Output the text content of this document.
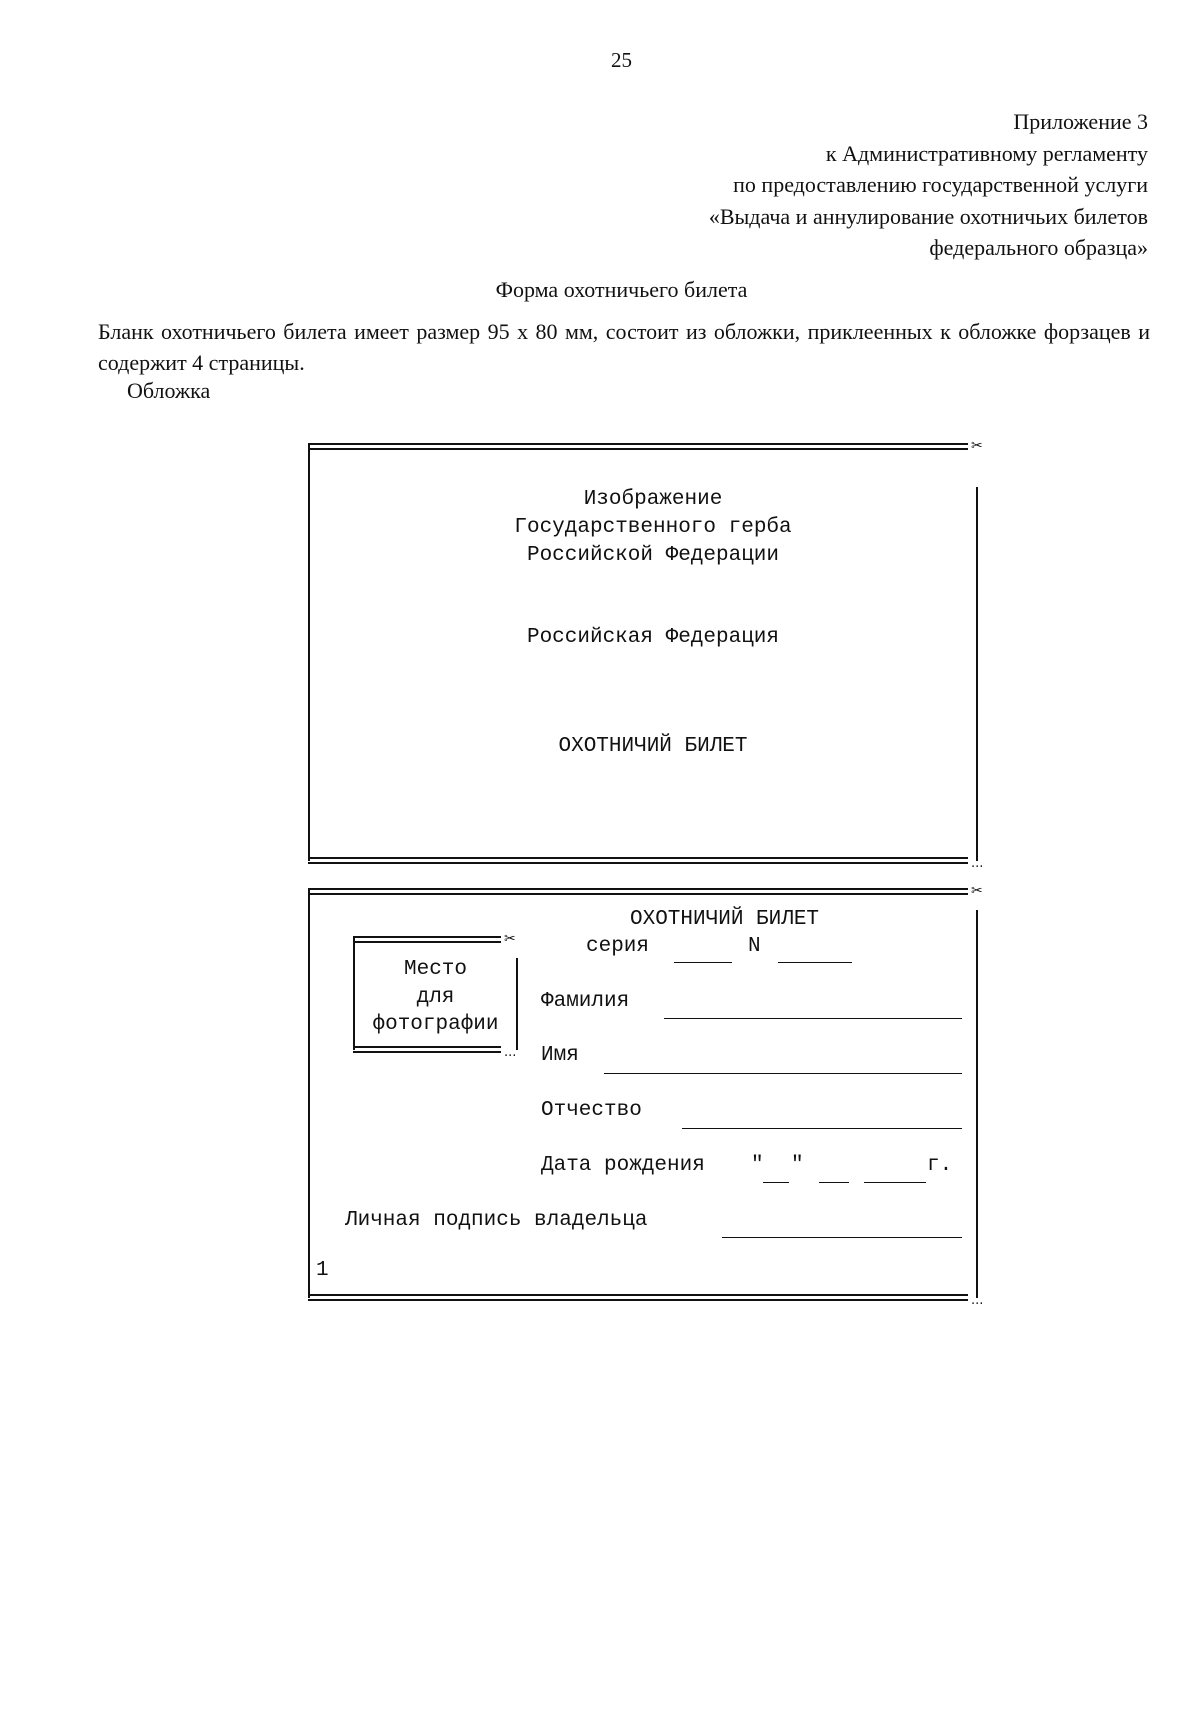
25
Приложение 3
к Административному регламенту
по предоставлению государственной услуги
«Выдача и аннулирование охотничьих билетов
федерального образца»
Форма охотничьего билета
Бланк охотничьего билета имеет размер 95 х 80 мм, состоит из обложки, приклеенных к обложке форзацев и содержит 4 страницы.
Обложка
✂
...
Изображение
Государственного герба
Российской Федерации
Российская Федерация
ОХОТНИЧИЙ БИЛЕТ
✂
...
ОХОТНИЧИЙ БИЛЕТ
серия	N
✂
...
Место
для
фотографии
Фамилия
Имя
Отчество
Дата рождения " "	г.
Личная подпись владельца
1
